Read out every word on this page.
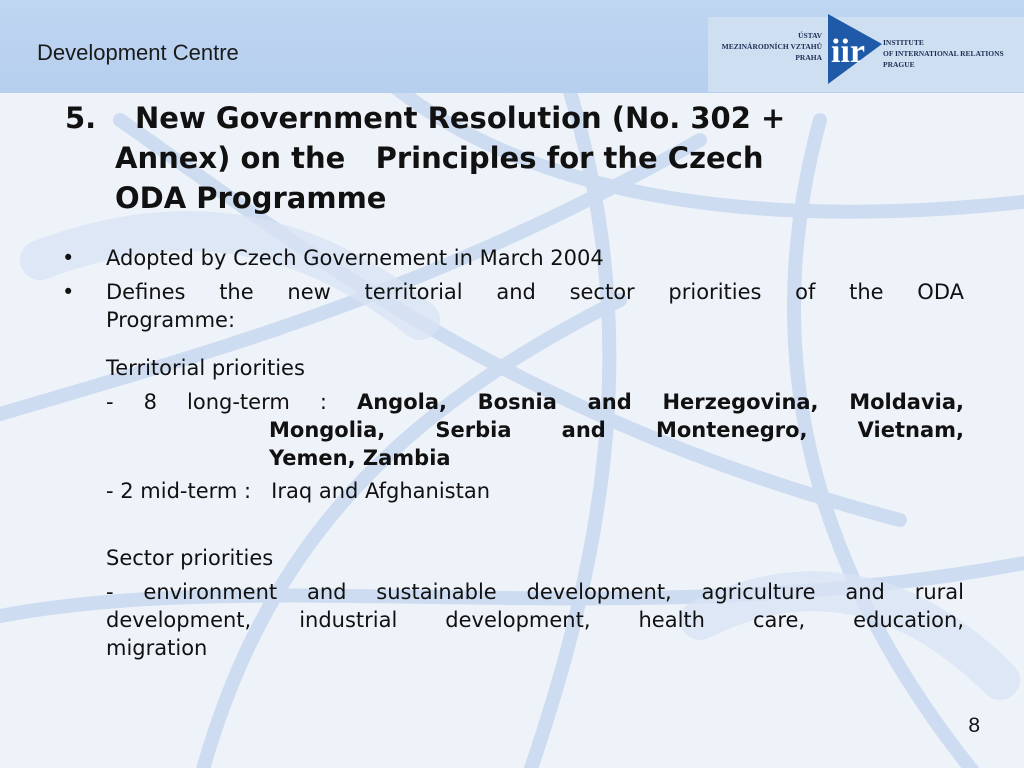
Development Centre
ÚSTAV
MEZINÁRODNÍCH VZTAHŮ
PRAHA iir INSTITUTE
OF INTERNATIONAL RELATIONS
PRAGUE
5. New Government Resolution (No. 302 +
Annex) on the   Principles for the Czech
ODA Programme
• Adopted by Czech Governement in March 2004
• Defines the new territorial and sector priorities of the ODA
Programme:
Territorial priorities
- 8 long-term : Angola, Bosnia and Herzegovina, Moldavia,
Mongolia, Serbia and Montenegro, Vietnam,
Yemen, Zambia
- 2 mid-term :   Iraq and Afghanistan
Sector priorities
- environment and sustainable development, agriculture and rural
development, industrial development, health care, education,
migration
8
